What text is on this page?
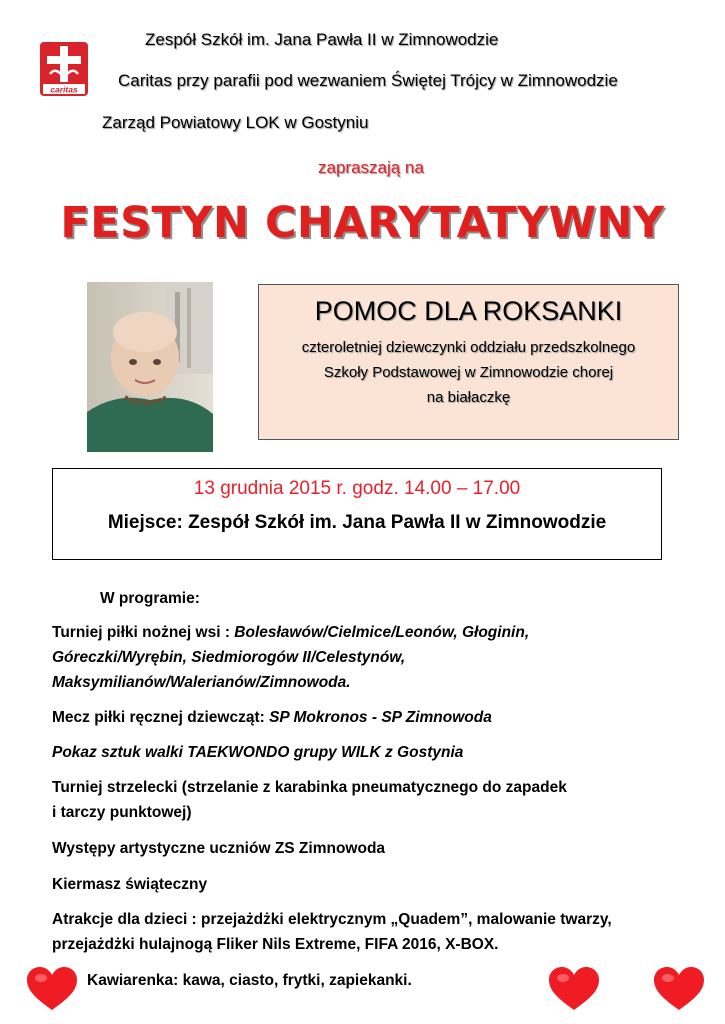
caritas
Zespół Szkół im. Jana Pawła II w Zimnowodzie
Caritas przy parafii pod wezwaniem Świętej Trójcy w Zimnowodzie
Zarząd Powiatowy LOK w Gostyniu
zapraszają na
FESTYN CHARYTATYWNY
POMOC DLA ROKSANKI
czteroletniej dziewczynki oddziału przedszkolnego
Szkoły Podstawowej w Zimnowodzie chorej
na białaczkę
13 grudnia 2015 r. godz. 14.00 – 17.00
Miejsce: Zespół Szkół im. Jana Pawła II w Zimnowodzie
W programie:
Turniej piłki nożnej wsi : Bolesławów/Cielmice/Leonów, Głoginin,
Góreczki/Wyrębin, Siedmiorogów II/Celestynów,
Maksymilianów/Walerianów/Zimnowoda.
Mecz piłki ręcznej dziewcząt: SP Mokronos - SP Zimnowoda
Pokaz sztuk walki TAEKWONDO grupy WILK z Gostynia
Turniej strzelecki (strzelanie z karabinka pneumatycznego do zapadek
i tarczy punktowej)
Występy artystyczne uczniów ZS Zimnowoda
Kiermasz świąteczny
Atrakcje dla dzieci : przejażdżki elektrycznym „Quadem”, malowanie twarzy,
przejażdżki hulajnogą Fliker Nils Extreme, FIFA 2016, X-BOX.
Kawiarenka: kawa, ciasto, frytki, zapiekanki.
